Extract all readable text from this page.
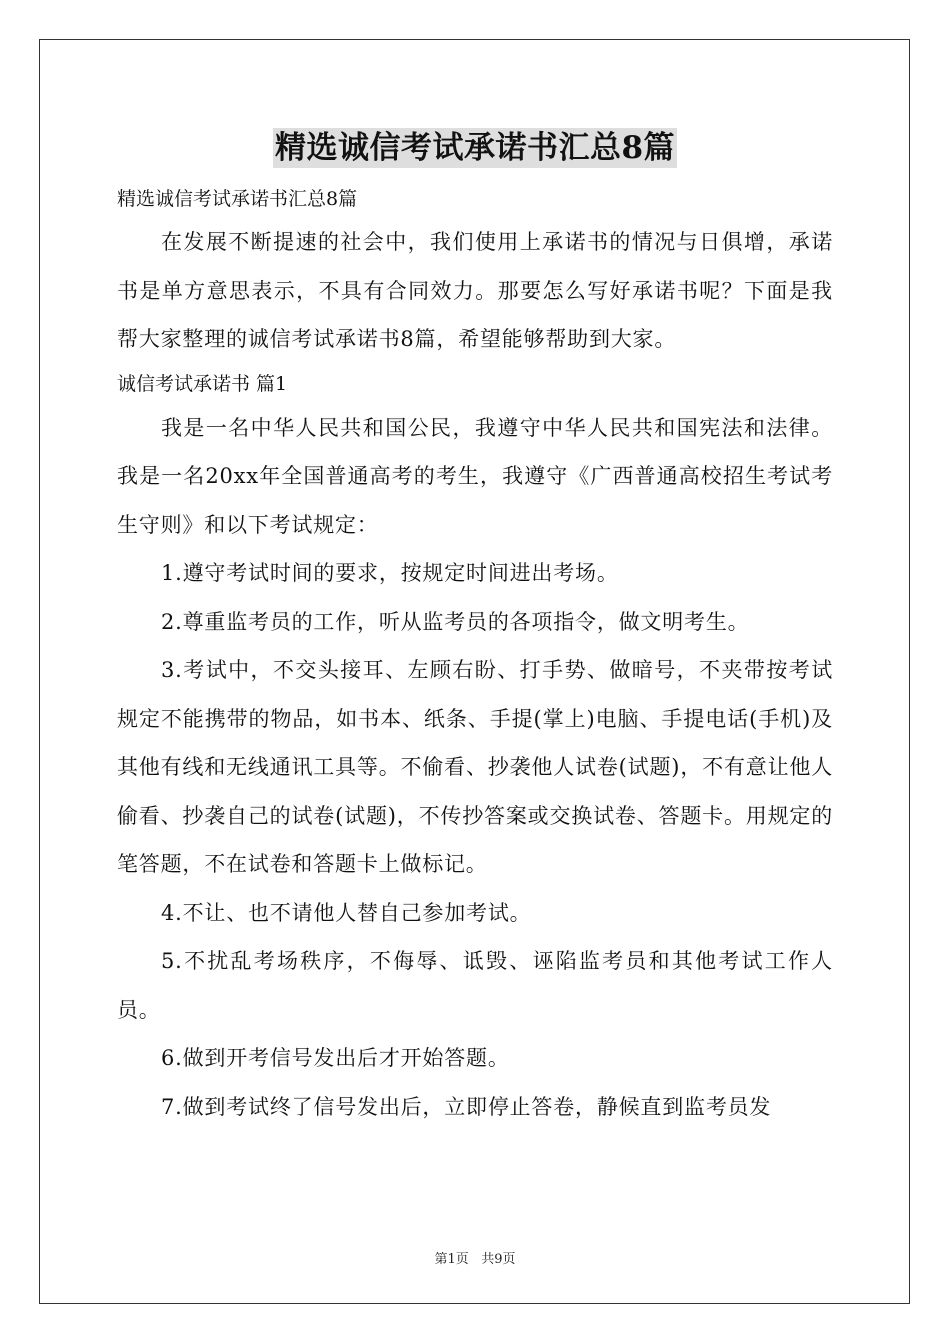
精选诚信考试承诺书汇总8篇

精选诚信考试承诺书汇总8篇

在发展不断提速的社会中，我们使用上承诺书的情况与日俱增，承诺书是单方意思表示，不具有合同效力。那要怎么写好承诺书呢？下面是我帮大家整理的诚信考试承诺书8篇，希望能够帮助到大家。

诚信考试承诺书 篇1

我是一名中华人民共和国公民，我遵守中华人民共和国宪法和法律。我是一名20xx年全国普通高考的考生，我遵守《广西普通高校招生考试考生守则》和以下考试规定：

1.遵守考试时间的要求，按规定时间进出考场。

2.尊重监考员的工作，听从监考员的各项指令，做文明考生。

3.考试中，不交头接耳、左顾右盼、打手势、做暗号，不夹带按考试规定不能携带的物品，如书本、纸条、手提(掌上)电脑、手提电话(手机)及其他有线和无线通讯工具等。不偷看、抄袭他人试卷(试题)，不有意让他人偷看、抄袭自己的试卷(试题)，不传抄答案或交换试卷、答题卡。用规定的笔答题，不在试卷和答题卡上做标记。

4.不让、也不请他人替自己参加考试。

5.不扰乱考场秩序，不侮辱、诋毁、诬陷监考员和其他考试工作人员。

6.做到开考信号发出后才开始答题。

7.做到考试终了信号发出后，立即停止答卷，静候直到监考员发

第1页 共9页
